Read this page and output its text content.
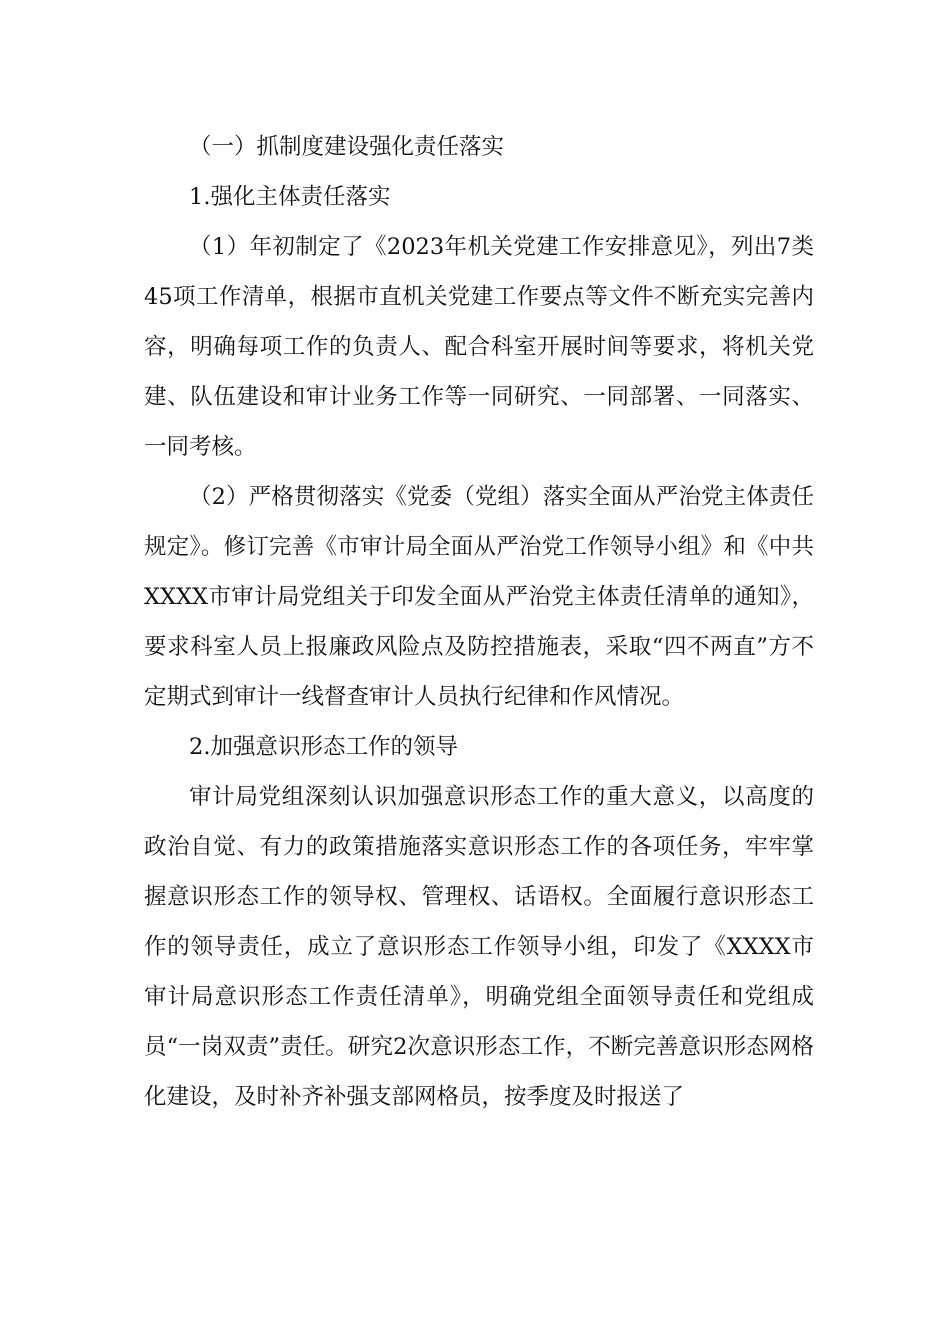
（一）抓制度建设强化责任落实

1.强化主体责任落实

（1）年初制定了《2023年机关党建工作安排意见》，列出7类45项工作清单，根据市直机关党建工作要点等文件不断充实完善内容，明确每项工作的负责人、配合科室开展时间等要求，将机关党建、队伍建设和审计业务工作等一同研究、一同部署、一同落实、一同考核。

（2）严格贯彻落实《党委（党组）落实全面从严治党主体责任规定》。修订完善《市审计局全面从严治党工作领导小组》和《中共XXXX市审计局党组关于印发全面从严治党主体责任清单的通知》，要求科室人员上报廉政风险点及防控措施表，采取“四不两直”方不定期式到审计一线督查审计人员执行纪律和作风情况。

2.加强意识形态工作的领导

审计局党组深刻认识加强意识形态工作的重大意义，以高度的政治自觉、有力的政策措施落实意识形态工作的各项任务，牢牢掌握意识形态工作的领导权、管理权、话语权。全面履行意识形态工作的领导责任，成立了意识形态工作领导小组，印发了《XXXX市审计局意识形态工作责任清单》，明确党组全面领导责任和党组成员“一岗双责”责任。研究2次意识形态工作，不断完善意识形态网格化建设，及时补齐补强支部网格员，按季度及时报送了
